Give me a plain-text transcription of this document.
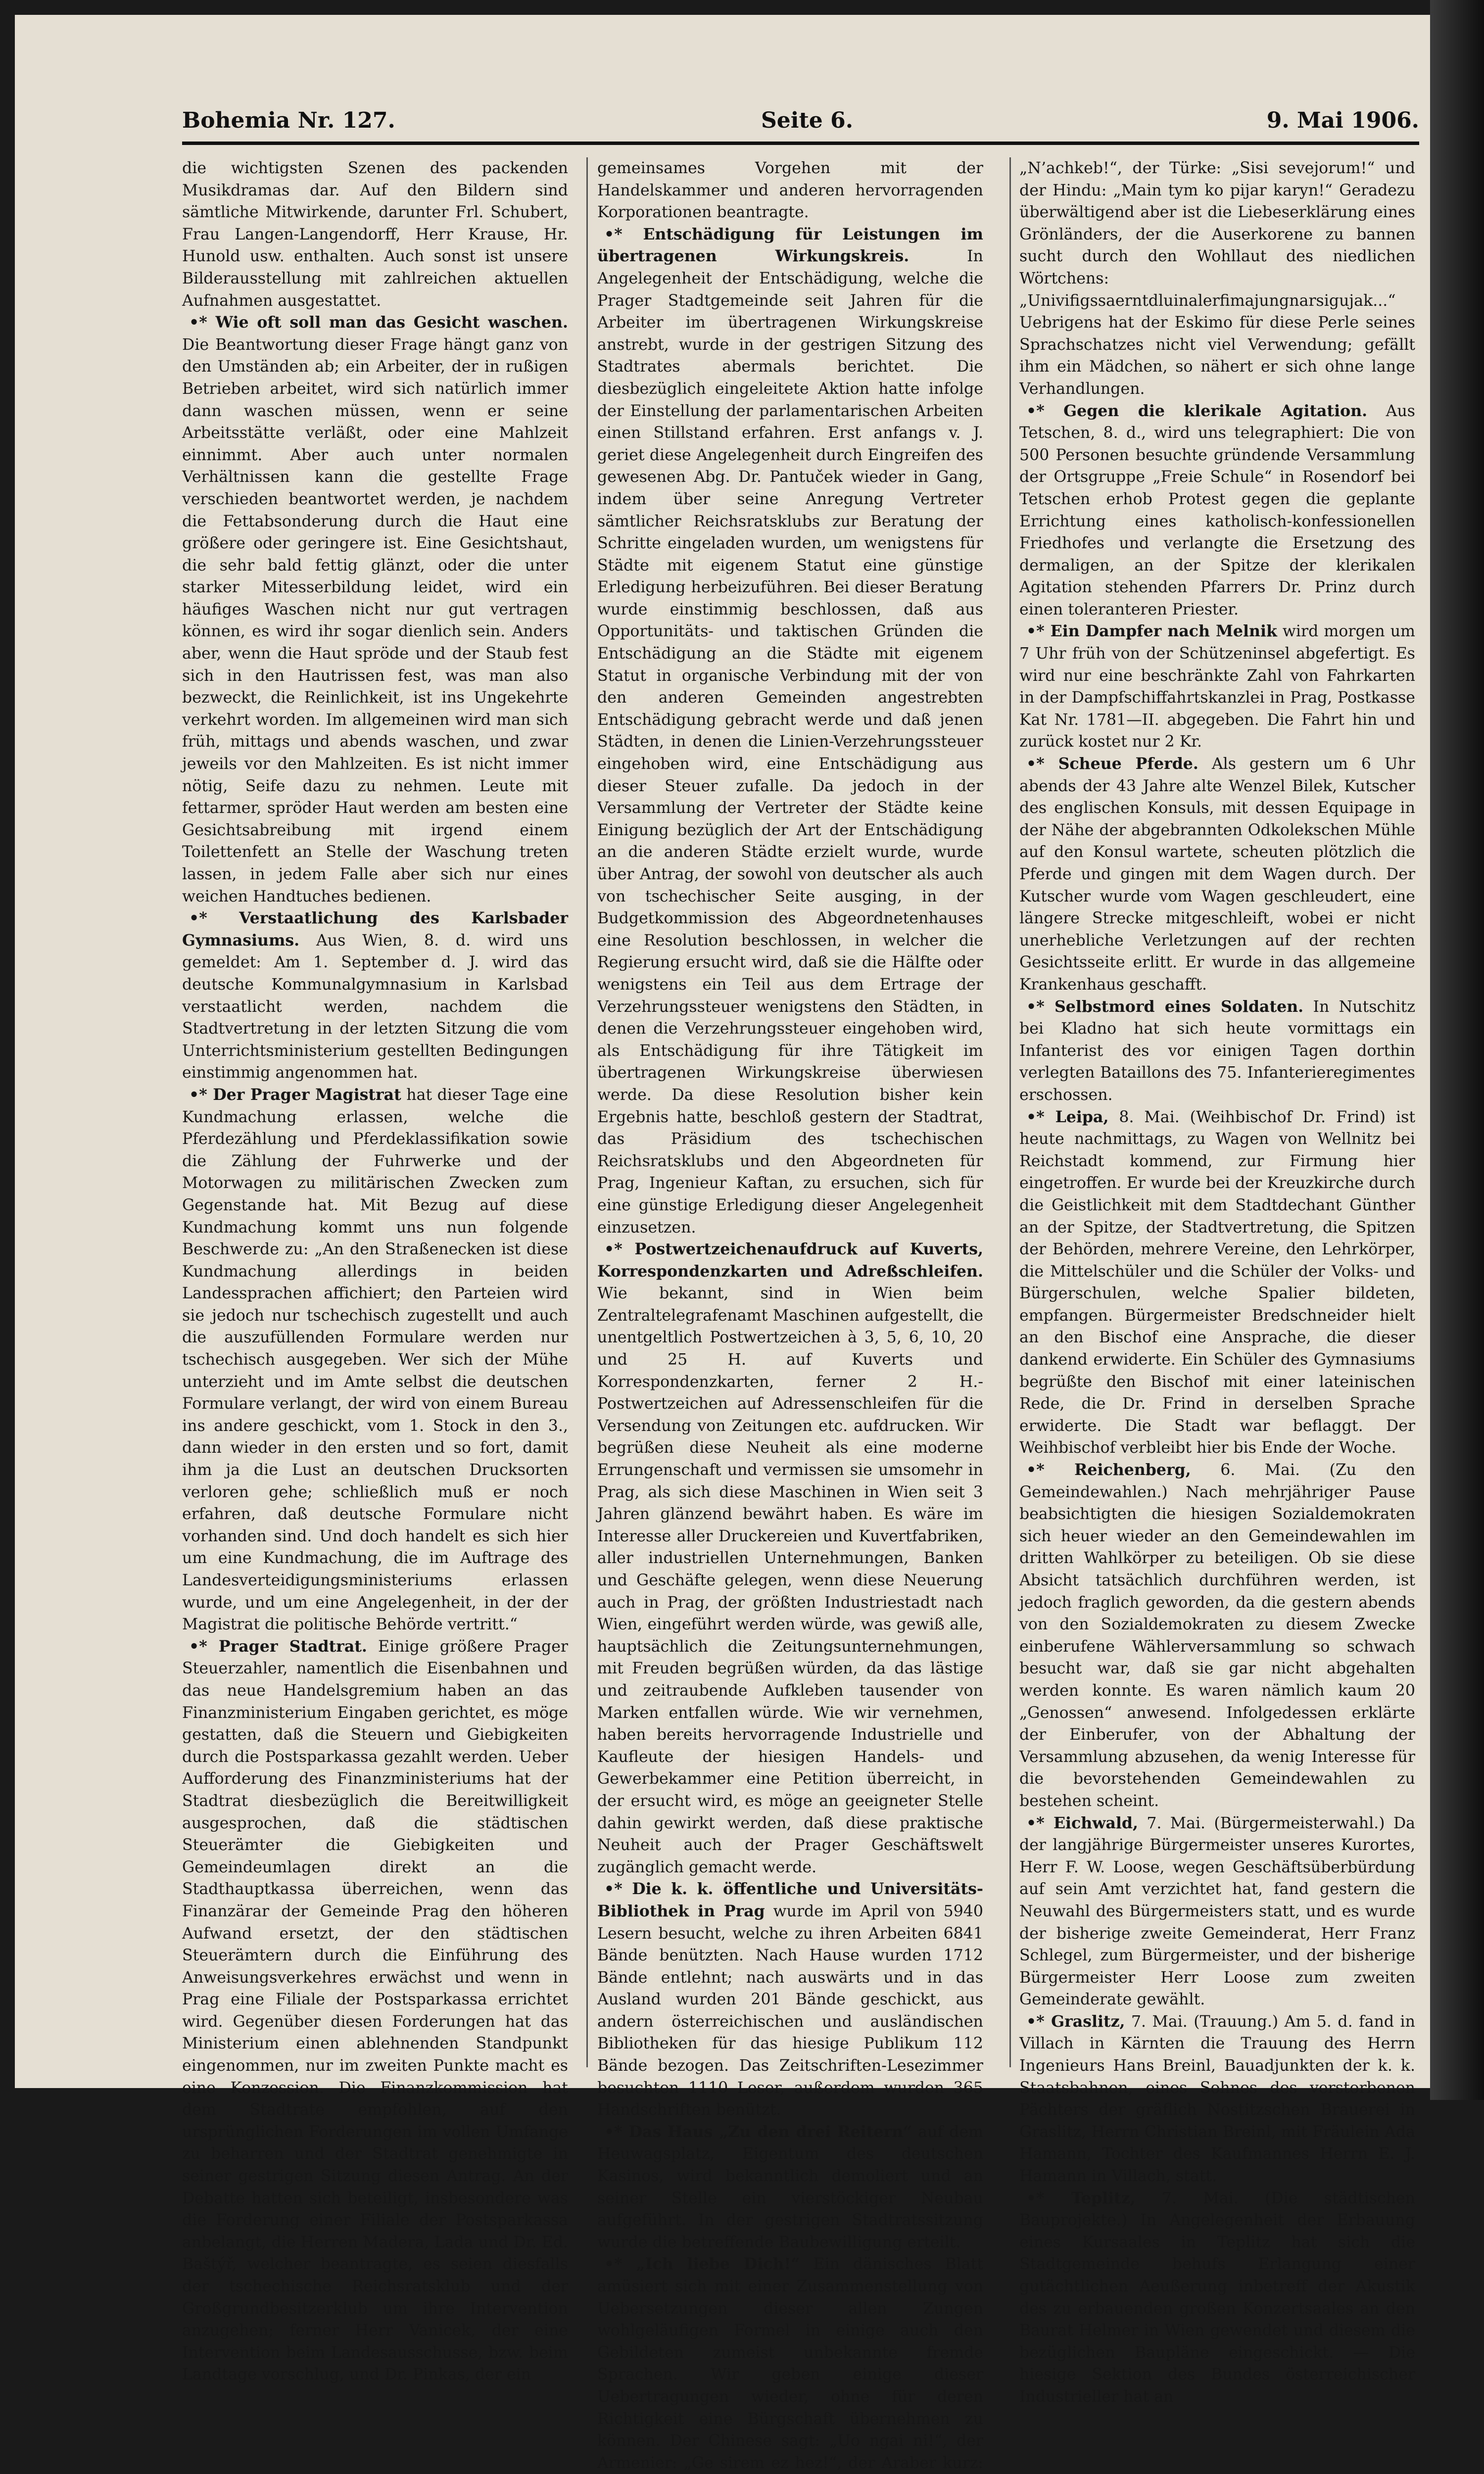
Bohemia Nr. 127.	Seite 6.	9. Mai 1906.

die wichtigsten Szenen des packenden Musikdramas dar. Auf den Bildern sind sämtliche Mitwirkende, darunter Frl. Schubert, Frau Langen-Langendorff, Herr Krause, Hr. Hunold usw. enthalten. Auch sonst ist unsere Bilderausstellung mit zahlreichen aktuellen Aufnahmen ausgestattet.

•* Wie oft soll man das Gesicht waschen. Die Beantwortung dieser Frage hängt ganz von den Umständen ab; ein Arbeiter, der in rußigen Betrieben arbeitet, wird sich natürlich immer dann waschen müssen, wenn er seine Arbeitsstätte verläßt, oder eine Mahlzeit einnimmt. Aber auch unter normalen Verhältnissen kann die gestellte Frage verschieden beantwortet werden, je nachdem die Fettabsonderung durch die Haut eine größere oder geringere ist. Eine Gesichtshaut, die sehr bald fettig glänzt, oder die unter starker Mitesserbildung leidet, wird ein häufiges Waschen nicht nur gut vertragen können, es wird ihr sogar dienlich sein. Anders aber, wenn die Haut spröde und der Staub fest sich in den Hautrissen fest, was man also bezweckt, die Reinlichkeit, ist ins Ungekehrte verkehrt worden. Im allgemeinen wird man sich früh, mittags und abends waschen, und zwar jeweils vor den Mahlzeiten. Es ist nicht immer nötig, Seife dazu zu nehmen. Leute mit fettarmer, spröder Haut werden am besten eine Gesichtsabreibung mit irgend einem Toilettenfett an Stelle der Waschung treten lassen, in jedem Falle aber sich nur eines weichen Handtuches bedienen.

•* Verstaatlichung des Karlsbader Gymnasiums. Aus Wien, 8. d. wird uns gemeldet: Am 1. September d. J. wird das deutsche Kommunalgymnasium in Karlsbad verstaatlicht werden, nachdem die Stadtvertretung in der letzten Sitzung die vom Unterrichtsministerium gestellten Bedingungen einstimmig angenommen hat.

•* Der Prager Magistrat hat dieser Tage eine Kundmachung erlassen, welche die Pferdezählung und Pferdeklassifikation sowie die Zählung der Fuhrwerke und der Motorwagen zu militärischen Zwecken zum Gegenstande hat. Mit Bezug auf diese Kundmachung kommt uns nun folgende Beschwerde zu: „An den Straßenecken ist diese Kundmachung allerdings in beiden Landessprachen affichiert; den Parteien wird sie jedoch nur tschechisch zugestellt und auch die auszufüllenden Formulare werden nur tschechisch ausgegeben. Wer sich der Mühe unterzieht und im Amte selbst die deutschen Formulare verlangt, der wird von einem Bureau ins andere geschickt, vom 1. Stock in den 3., dann wieder in den ersten und so fort, damit ihm ja die Lust an deutschen Drucksorten verloren gehe; schließlich muß er noch erfahren, daß deutsche Formulare nicht vorhanden sind. Und doch handelt es sich hier um eine Kundmachung, die im Auftrage des Landesverteidigungsministeriums erlassen wurde, und um eine Angelegenheit, in der der Magistrat die politische Behörde vertritt.“

•* Prager Stadtrat. Einige größere Prager Steuerzahler, namentlich die Eisenbahnen und das neue Handelsgremium haben an das Finanzministerium Eingaben gerichtet, es möge gestatten, daß die Steuern und Giebigkeiten durch die Postsparkassa gezahlt werden. Ueber Aufforderung des Finanzministeriums hat der Stadtrat diesbezüglich die Bereitwilligkeit ausgesprochen, daß die städtischen Steuerämter die Giebigkeiten und Gemeindeumlagen direkt an die Stadthauptkassa überreichen, wenn das Finanzärar der Gemeinde Prag den höheren Aufwand ersetzt, der den städtischen Steuerämtern durch die Einführung des Anweisungsverkehres erwächst und wenn in Prag eine Filiale der Postsparkassa errichtet wird. Gegenüber diesen Forderungen hat das Ministerium einen ablehnenden Standpunkt eingenommen, nur im zweiten Punkte macht es eine Konzession. Die Finanzkommission hat dem Stadtrate empfohlen, auf den ursprünglichen Forderungen im vollen Umfange zu beharren und der Stadtrat genehmigte in seiner gestrigen Sitzung diesen Antrag. An der Debatte hatten sich beteiligt, insbesondere was die Forderung einer Filiale der Postsparkassa anbelangt, die Herren Madera, Lada und Dr. Ed. Baštýř, welcher beantragte, es seien diesfalls der tschechische Reichsratsklub und der Großgrundbesitzerklub um ihre Intervention anzugehen; ferner Herr Vanicek, der eine Intervention beim Landesausschusse, bzw. beim Landtage vorschlug, und Dr. Pinkas, der ein

gemeinsames Vorgehen mit der Handelskammer und anderen hervorragenden Korporationen beantragte.

•* Entschädigung für Leistungen im übertragenen Wirkungskreis.	In Angelegenheit der Entschädigung, welche die Prager Stadtgemeinde seit Jahren für die Arbeiter im übertragenen Wirkungskreise anstrebt, wurde in der gestrigen Sitzung des Stadtrates abermals berichtet. Die diesbezüglich eingeleitete Aktion hatte infolge der Einstellung der parlamentarischen Arbeiten einen Stillstand erfahren. Erst anfangs v. J. geriet diese Angelegenheit durch Eingreifen des gewesenen Abg. Dr. Pantuček wieder in Gang, indem über seine Anregung Vertreter sämtlicher Reichsratsklubs zur Beratung der Schritte eingeladen wurden, um wenigstens für Städte mit eigenem Statut eine günstige Erledigung herbeizuführen. Bei dieser Beratung wurde einstimmig beschlossen, daß aus Opportunitäts- und taktischen Gründen die Entschädigung an die Städte mit eigenem Statut in organische Verbindung mit der von den anderen Gemeinden angestrebten Entschädigung gebracht werde und daß jenen Städten, in denen die Linien-Verzehrungssteuer eingehoben wird, eine Entschädigung aus dieser Steuer zufalle. Da jedoch in der Versammlung der Vertreter der Städte keine Einigung bezüglich der Art der Entschädigung an die anderen Städte erzielt wurde, wurde über Antrag, der sowohl von deutscher als auch von tschechischer Seite ausging, in der Budgetkommission des Abgeordnetenhauses eine Resolution beschlossen, in welcher die Regierung ersucht wird, daß sie die Hälfte oder wenigstens ein Teil aus dem Ertrage der Verzehrungssteuer wenigstens den Städten, in denen die Verzehrungssteuer eingehoben wird, als Entschädigung für ihre Tätigkeit im übertragenen Wirkungskreise überwiesen werde. Da diese Resolution bisher kein Ergebnis hatte, beschloß gestern der Stadtrat, das Präsidium des tschechischen Reichsratsklubs und den Abgeordneten für Prag, Ingenieur Kaftan, zu ersuchen, sich für eine günstige Erledigung dieser Angelegenheit einzusetzen.

•* Postwertzeichenaufdruck auf Kuverts, Korrespondenzkarten und Adreßschleifen. Wie bekannt, sind in Wien beim Zentraltelegrafenamt Maschinen aufgestellt, die unentgeltlich Postwertzeichen à 3, 5, 6, 10, 20 und 25 H. auf Kuverts und Korrespondenzkarten, ferner 2 H.-Postwertzeichen auf Adressenschleifen für die Versendung von Zeitungen etc. aufdrucken. Wir begrüßen diese Neuheit als eine moderne Errungenschaft und vermissen sie umsomehr in Prag, als sich diese Maschinen in Wien seit 3 Jahren glänzend bewährt haben. Es wäre im Interesse aller Druckereien und Kuvertfabriken, aller industriellen Unternehmungen, Banken und Geschäfte gelegen, wenn diese Neuerung auch in Prag, der größten Industriestadt nach Wien, eingeführt werden würde, was gewiß alle, hauptsächlich die Zeitungsunternehmungen, mit Freuden begrüßen würden, da das lästige und zeitraubende Aufkleben tausender von Marken entfallen würde. Wie wir vernehmen, haben bereits hervorragende Industrielle und Kaufleute der hiesigen Handels- und Gewerbekammer eine Petition überreicht, in der ersucht wird, es möge an geeigneter Stelle dahin gewirkt werden, daß diese praktische Neuheit auch der Prager Geschäftswelt zugänglich gemacht werde.

•* Die k. k. öffentliche und Universitäts-Bibliothek in Prag wurde im April von 5940 Lesern besucht, welche zu ihren Arbeiten 6841 Bände benützten. Nach Hause wurden 1712 Bände entlehnt; nach auswärts und in das Ausland wurden 201 Bände geschickt, aus andern österreichischen und ausländischen Bibliotheken für das hiesige Publikum 112 Bände bezogen. Das Zeitschriften-Lesezimmer besuchten 1110 Leser, außerdem wurden 365 Handschriften benützt.

•* Das Haus „Zu den drei Reitern“ auf dem Heuwagsplatz, Eigentum des deutschen Kasinos, wird bekanntlich demoliert und an seiner Stelle ein vierstöckiger Neubau aufgeführt. In der gestrigen Stadtratssitzung wurde die betreffende Baubewilligung erteilt.

•* „Ich liebe Dich!“ Ein dänisches Blatt amüsiert sich mit einer Zusammenstellung von Uebersetzungen dieser allen Zungen wohlgeläufigen Formel in einige auch den Gebildeten zumeist unbekannte fremde Sprachen. Wir geben einige dieser Uebertragungen wieder, ohne für deren Richtigkeit eine Bürgschaft übernehmen zu können. Der Chinese sagt: „Uo ngai ni!“, der Armenier: „Ge sirem ez hez!“, der Araber kurz:

„N’achkeb!“, der Türke: „Sisi sevejorum!“ und der Hindu: „Main tym ko pijar karyn!“ Geradezu überwältigend aber ist die Liebeserklärung eines Grönländers, der die Auserkorene zu bannen sucht durch den Wohllaut des niedlichen Wörtchens: „Univifigssaerntdluinalerfimajungnarsigujak...“ Uebrigens hat der Eskimo für diese Perle seines Sprachschatzes nicht viel Verwendung; gefällt ihm ein Mädchen, so nähert er sich ohne lange Verhandlungen.

•* Gegen die klerikale Agitation. Aus Tetschen, 8. d., wird uns telegraphiert: Die von 500 Personen besuchte gründende Versammlung der Ortsgruppe „Freie Schule“ in Rosendorf bei Tetschen erhob Protest gegen die geplante Errichtung eines katholisch-konfessionellen Friedhofes und verlangte die Ersetzung des dermaligen, an der Spitze der klerikalen Agitation stehenden Pfarrers Dr. Prinz durch einen toleranteren Priester.

•* Ein Dampfer nach Melnik wird morgen um 7 Uhr früh von der Schützeninsel abgefertigt. Es wird nur eine beschränkte Zahl von Fahrkarten in der Dampfschiffahrtskanzlei in Prag, Postkasse Kat Nr. 1781—II. abgegeben. Die Fahrt hin und zurück kostet nur 2 Kr.

•* Scheue Pferde. Als gestern um 6 Uhr abends der 43 Jahre alte Wenzel Bilek, Kutscher des englischen Konsuls, mit dessen Equipage in der Nähe der abgebrannten Odkolekschen Mühle auf den Konsul wartete, scheuten plötzlich die Pferde und gingen mit dem Wagen durch. Der Kutscher wurde vom Wagen geschleudert, eine längere Strecke mitgeschleift, wobei er nicht unerhebliche Verletzungen auf der rechten Gesichtsseite erlitt. Er wurde in das allgemeine Krankenhaus geschafft.

•* Selbstmord eines Soldaten. In Nutschitz bei Kladno hat sich heute vormittags ein Infanterist des vor einigen Tagen dorthin verlegten Bataillons des 75. Infanterieregimentes erschossen.

•* Leipa, 8. Mai. (Weihbischof Dr. Frind) ist heute nachmittags, zu Wagen von Wellnitz bei Reichstadt kommend, zur Firmung hier eingetroffen. Er wurde bei der Kreuzkirche durch die Geistlichkeit mit dem Stadtdechant Günther an der Spitze, der Stadtvertretung, die Spitzen der Behörden, mehrere Vereine, den Lehrkörper, die Mittelschüler und die Schüler der Volks- und Bürgerschulen, welche Spalier bildeten, empfangen. Bürgermeister Bredschneider hielt an den Bischof eine Ansprache, die dieser dankend erwiderte. Ein Schüler des Gymnasiums begrüßte den Bischof mit einer lateinischen Rede, die Dr. Frind in derselben Sprache erwiderte. Die Stadt war beflaggt. Der Weihbischof verbleibt hier bis Ende der Woche.

•* Reichenberg, 6. Mai. (Zu den Gemeindewahlen.) Nach mehrjähriger Pause beabsichtigten die hiesigen Sozialdemokraten sich heuer wieder an den Gemeindewahlen im dritten Wahlkörper zu beteiligen. Ob sie diese Absicht tatsächlich durchführen werden, ist jedoch fraglich geworden, da die gestern abends von den Sozialdemokraten zu diesem Zwecke einberufene Wählerversammlung so schwach besucht war, daß sie gar nicht abgehalten werden konnte. Es waren nämlich kaum 20 „Genossen“ anwesend. Infolgedessen erklärte der Einberufer, von der Abhaltung der Versammlung abzusehen, da wenig Interesse für die bevorstehenden Gemeindewahlen zu bestehen scheint.

•* Eichwald, 7. Mai. (Bürgermeisterwahl.) Da der langjährige Bürgermeister unseres Kurortes, Herr F. W. Loose, wegen Geschäftsüberbürdung auf sein Amt verzichtet hat, fand gestern die Neuwahl des Bürgermeisters statt, und es wurde der bisherige zweite Gemeinderat, Herr Franz Schlegel, zum Bürgermeister, und der bisherige Bürgermeister Herr Loose zum zweiten Gemeinderate gewählt.

•* Graslitz, 7. Mai. (Trauung.) Am 5. d. fand in Villach in Kärnten die Trauung des Herrn Ingenieurs Hans Breinl, Bauadjunkten der k. k. Staatsbahnen, eines Sohnes des verstorbenen Pächters der gräflich Nostitzschen Brauerei in Graslitz, Herrn Christian Breinl, mit Fräulein Ada Hamann, Tochter des Kaufmannes Herrn E. J. Hamann in Villach, statt.

•* Teplitz, 7. Mai. (Die städtischen Bauprojekte.) In Angelegenheit der Erbauung eines Kursaales in Teplitz hat sich die Stadtgemeinde behufs Erlangung einer gutächtlichen Aeußerung inbetreff der Akustik des zu erbauenden großen Konzertsaales an den Baurat Helmer in Wien gewendet und diesem die bezüglichen Baupläne eingeschickt. — Die hiesige Sektion des Bundes österreichischer Industrieller hat an
